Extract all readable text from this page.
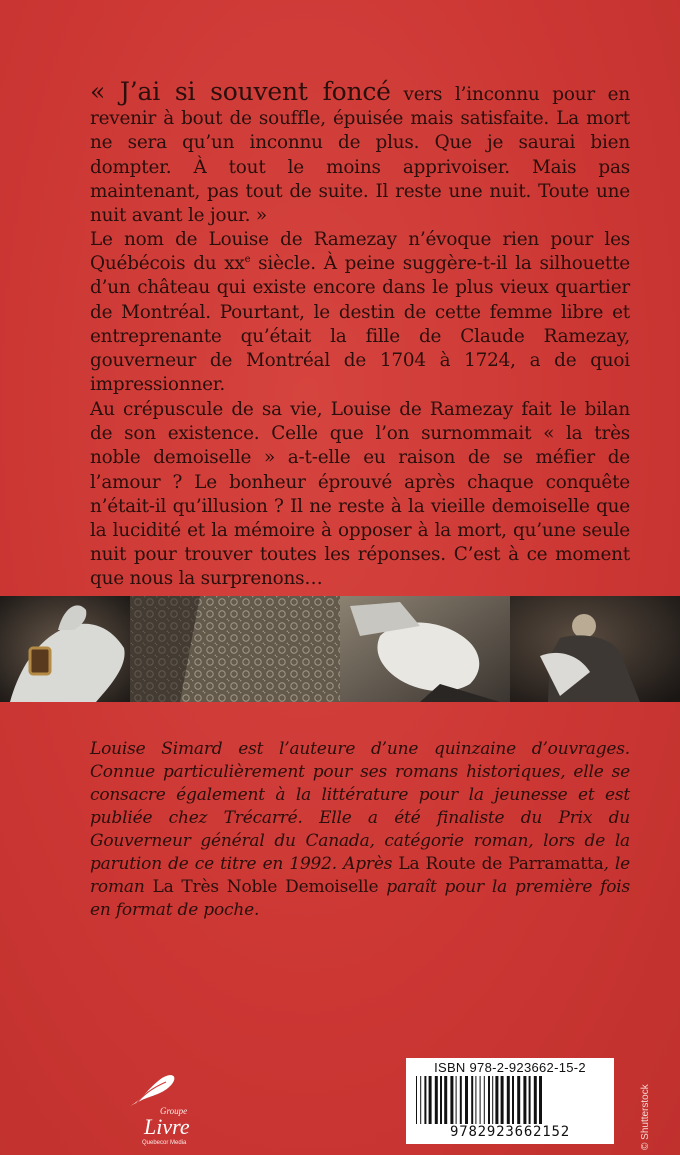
« J’ai si souvent foncé vers l’inconnu pour en revenir à bout de souffle, épuisée mais satisfaite. La mort ne sera qu’un inconnu de plus. Que je saurai bien dompter. À tout le moins apprivoiser. Mais pas maintenant, pas tout de suite. Il reste une nuit. Toute une nuit avant le jour. »
Le nom de Louise de Ramezay n’évoque rien pour les Québécois du $xx^e$ siècle. À peine suggère-t-il la silhouette d’un château qui existe encore dans le plus vieux quartier de Montréal. Pourtant, le destin de cette femme libre et entreprenante qu’était la fille de Claude Ramezay, gouverneur de Montréal de 1704 à 1724, a de quoi impressionner.
Au crépuscule de sa vie, Louise de Ramezay fait le bilan de son existence. Celle que l’on surnommait « la très noble demoiselle » a-t-elle eu raison de se méfier de l’amour ? Le bonheur éprouvé après chaque conquête n’était-il qu’illusion ? Il ne reste à la vieille demoiselle que la lucidité et la mémoire à opposer à la mort, qu’une seule nuit pour trouver toutes les réponses. C’est à ce moment que nous la surprenons…
Louise Simard est l’auteure d’une quinzaine d’ouvrages. Connue particulièrement pour ses romans historiques, elle se consacre également à la littérature pour la jeunesse et est publiée chez Trécarré. Elle a été finaliste du Prix du Gouverneur général du Canada, catégorie roman, lors de la parution de ce titre en 1992. Après La Route de Parramatta, le roman La Très Noble Demoiselle paraît pour la première fois en format de poche.
Groupe
Livre
Quebecor Media
ISBN 978-2-923662-15-2
9782923662152	© Shutterstock
